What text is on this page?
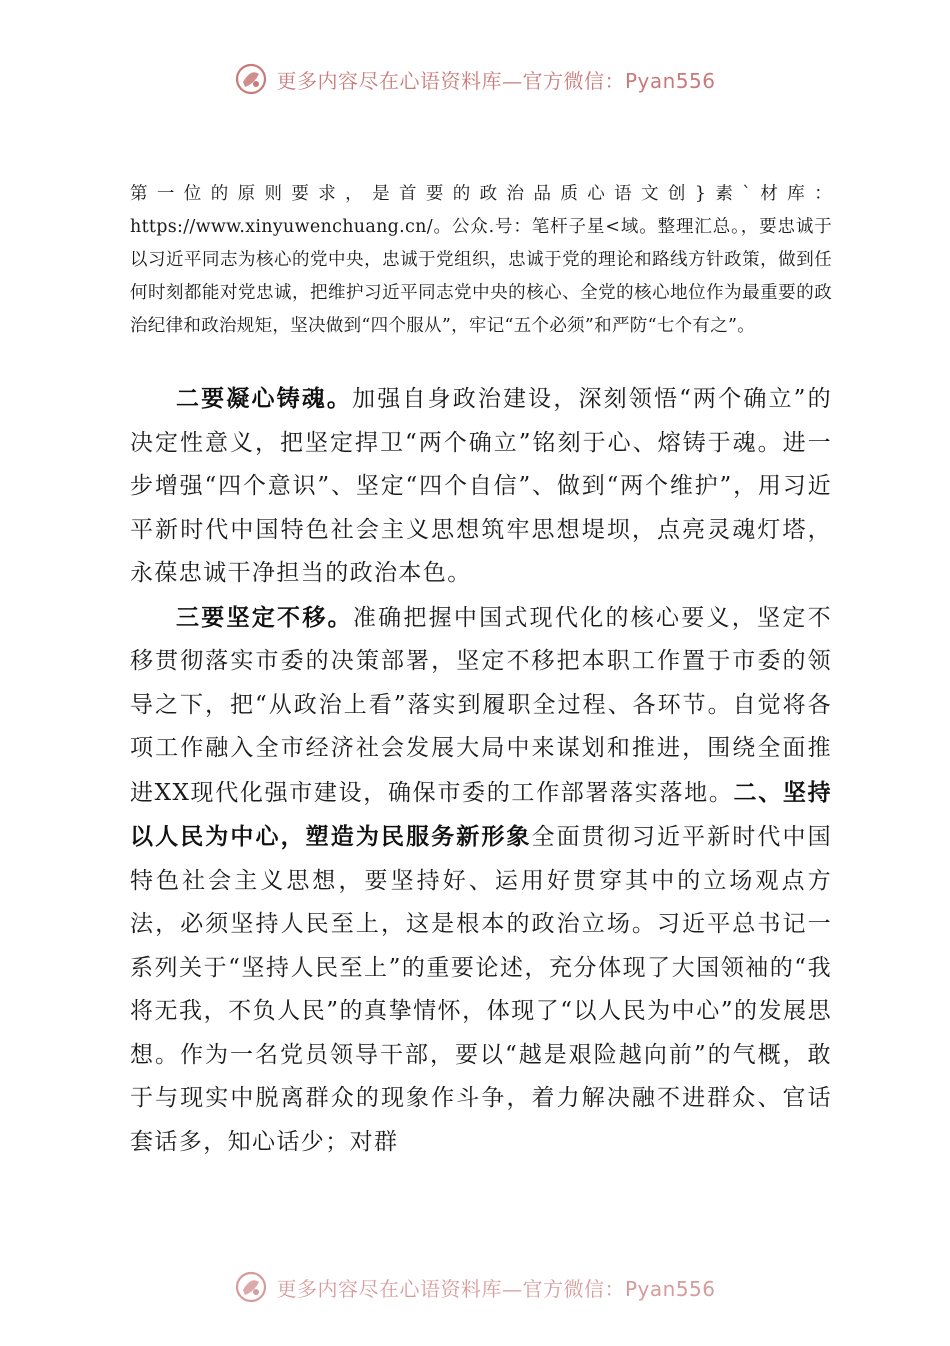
更多内容尽在心语资料库—官方微信：Pyan556
第一位的原则要求，是首要的政治品质心语文创}素`材库：https://www.xinyuwenchuang.cn/。公众.号：笔杆子星<域。整理汇总。，要忠诚于以习近平同志为核心的党中央，忠诚于党组织，忠诚于党的理论和路线方针政策，做到任何时刻都能对党忠诚，把维护习近平同志党中央的核心、全党的核心地位作为最重要的政治纪律和政治规矩，坚决做到“四个服从”，牢记“五个必须”和严防“七个有之”。

二要凝心铸魂。加强自身政治建设，深刻领悟“两个确立”的决定性意义，把坚定捍卫“两个确立”铭刻于心、熔铸于魂。进一步增强“四个意识”、坚定“四个自信”、做到“两个维护”，用习近平新时代中国特色社会主义思想筑牢思想堤坝，点亮灵魂灯塔，永葆忠诚干净担当的政治本色。

三要坚定不移。准确把握中国式现代化的核心要义，坚定不移贯彻落实市委的决策部署，坚定不移把本职工作置于市委的领导之下，把“从政治上看”落实到履职全过程、各环节。自觉将各项工作融入全市经济社会发展大局中来谋划和推进，围绕全面推进XX现代化强市建设，确保市委的工作部署落实落地。二、坚持以人民为中心，塑造为民服务新形象全面贯彻习近平新时代中国特色社会主义思想，要坚持好、运用好贯穿其中的立场观点方法，必须坚持人民至上，这是根本的政治立场。习近平总书记一系列关于“坚持人民至上”的重要论述，充分体现了大国领袖的“我将无我，不负人民”的真挚情怀，体现了“以人民为中心”的发展思想。作为一名党员领导干部，要以“越是艰险越向前”的气概，敢于与现实中脱离群众的现象作斗争，着力解决融不进群众、官话套话多，知心话少；对群

更多内容尽在心语资料库—官方微信：Pyan556
